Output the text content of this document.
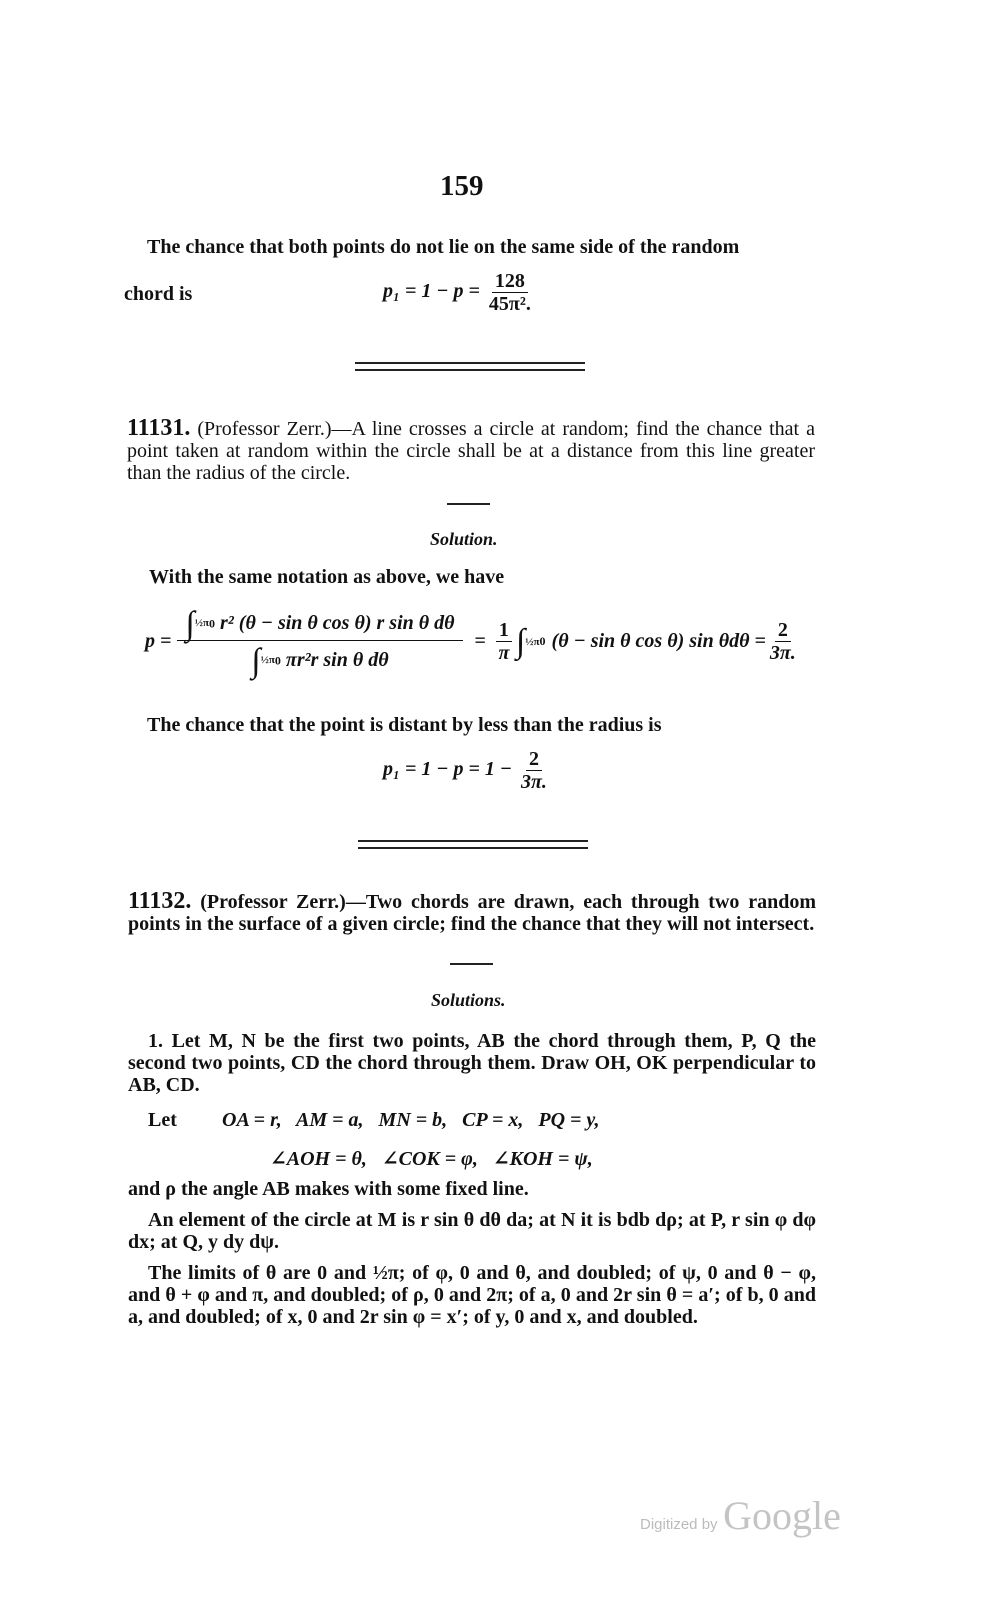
159
The chance that both points do not lie on the same side of the random
chord is	$p_1 = 1 - p = \frac{128}{\text{45π².}}$
11131. (Professor Zerr.)—A line crosses a circle at random; find the chance that a point taken at random within the circle shall be at a distance from this line greater than the radius of the circle.
Solution.
With the same notation as above, we have
$p = \frac{\int^{\frac{1}{2}\pi}0 r^2 (\theta - \sin \theta \cos \theta) r \sin \theta d\theta}{\int^{\frac{1}{2}\pi}0 \pi r^2r \sin \theta d\theta} = \frac{1}{\pi}$ ∫ ½π 0 (θ − sin θ cos θ) $\sin \theta d\theta = \frac{2}{3\pi.}$
The chance that the point is distant by less than the radius is
$p_1 = 1 - p = 1 - \frac{2}{3\pi.}$
11132. (Professor Zerr.)—Two chords are drawn, each through two random points in the surface of a given circle; find the chance that they will not intersect.
Solutions.
1. Let M, N be the first two points, AB the chord through them, P, Q the second two points, CD the chord through them. Draw OH, OK perpendicular to AB, CD.
Let OA = r,   AM = a,   MN = b,   CP = x,   PQ = y,
∠AOH = θ,   ∠COK = φ,   ∠KOH = ψ,
and ρ the angle AB makes with some fixed line.
An element of the circle at M is r sin θ dθ da; at N it is bdb dρ; at P, r sin φ dφ dx; at Q, y dy dψ.
The limits of θ are 0 and ½π; of φ, 0 and θ, and doubled; of ψ, 0 and θ − φ, and θ + φ and π, and doubled; of ρ, 0 and 2π; of a, 0 and 2r sin θ = a′; of b, 0 and a, and doubled; of x, 0 and 2r sin φ = x′; of y, 0 and x, and doubled.
Digitized by Google
